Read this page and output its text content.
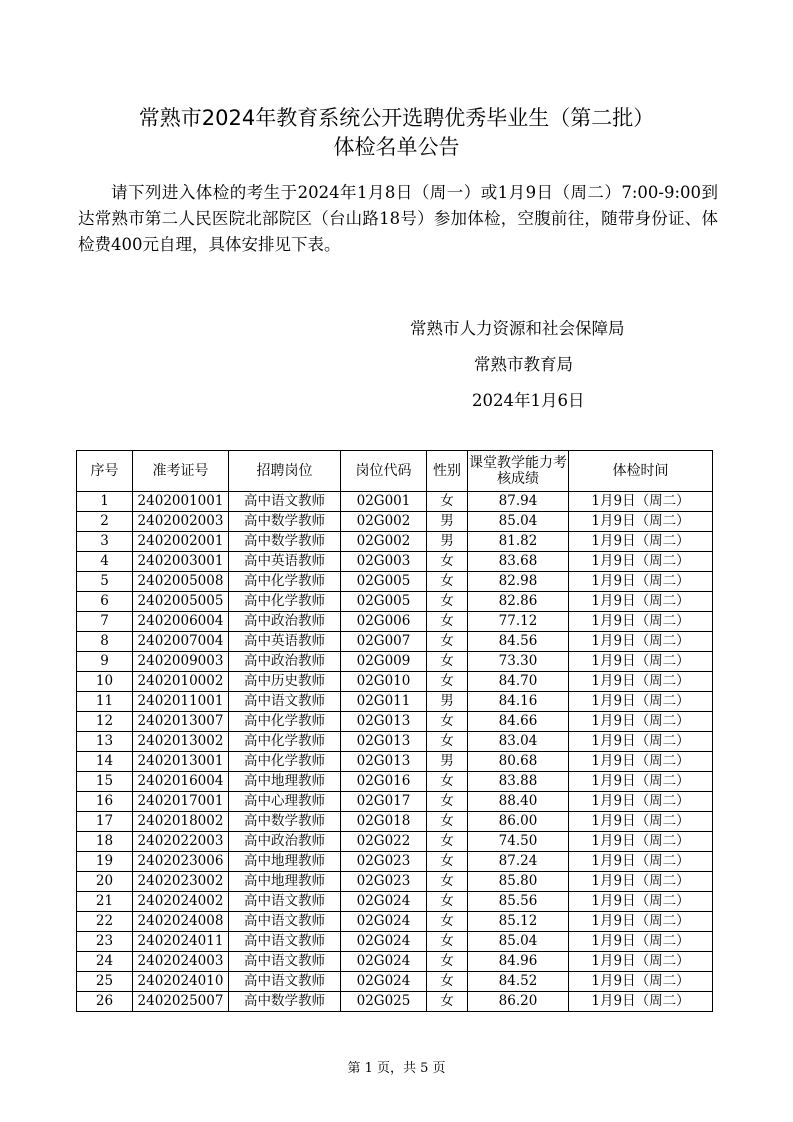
常熟市2024年教育系统公开选聘优秀毕业生（第二批）
体检名单公告
请下列进入体检的考生于2024年1月8日（周一）或1月9日（周二）7:00-9:00到达常熟市第二人民医院北部院区（台山路18号）参加体检，空腹前往，随带身份证、体检费400元自理，具体安排见下表。
常熟市人力资源和社会保障局
常熟市教育局
2024年1月6日
序号	准考证号	招聘岗位	岗位代码	性别	课堂教学能力考核成绩	体检时间
1	2402001001	高中语文教师	02G001	女	87.94	1月9日（周二）
2	2402002003	高中数学教师	02G002	男	85.04	1月9日（周二）
3	2402002001	高中数学教师	02G002	男	81.82	1月9日（周二）
4	2402003001	高中英语教师	02G003	女	83.68	1月9日（周二）
5	2402005008	高中化学教师	02G005	女	82.98	1月9日（周二）
6	2402005005	高中化学教师	02G005	女	82.86	1月9日（周二）
7	2402006004	高中政治教师	02G006	女	77.12	1月9日（周二）
8	2402007004	高中英语教师	02G007	女	84.56	1月9日（周二）
9	2402009003	高中政治教师	02G009	女	73.30	1月9日（周二）
10	2402010002	高中历史教师	02G010	女	84.70	1月9日（周二）
11	2402011001	高中语文教师	02G011	男	84.16	1月9日（周二）
12	2402013007	高中化学教师	02G013	女	84.66	1月9日（周二）
13	2402013002	高中化学教师	02G013	女	83.04	1月9日（周二）
14	2402013001	高中化学教师	02G013	男	80.68	1月9日（周二）
15	2402016004	高中地理教师	02G016	女	83.88	1月9日（周二）
16	2402017001	高中心理教师	02G017	女	88.40	1月9日（周二）
17	2402018002	高中数学教师	02G018	女	86.00	1月9日（周二）
18	2402022003	高中政治教师	02G022	女	74.50	1月9日（周二）
19	2402023006	高中地理教师	02G023	女	87.24	1月9日（周二）
20	2402023002	高中地理教师	02G023	女	85.80	1月9日（周二）
21	2402024002	高中语文教师	02G024	女	85.56	1月9日（周二）
22	2402024008	高中语文教师	02G024	女	85.12	1月9日（周二）
23	2402024011	高中语文教师	02G024	女	85.04	1月9日（周二）
24	2402024003	高中语文教师	02G024	女	84.96	1月9日（周二）
25	2402024010	高中语文教师	02G024	女	84.52	1月9日（周二）
26	2402025007	高中数学教师	02G025	女	86.20	1月9日（周二）
第 1 页，共 5 页
